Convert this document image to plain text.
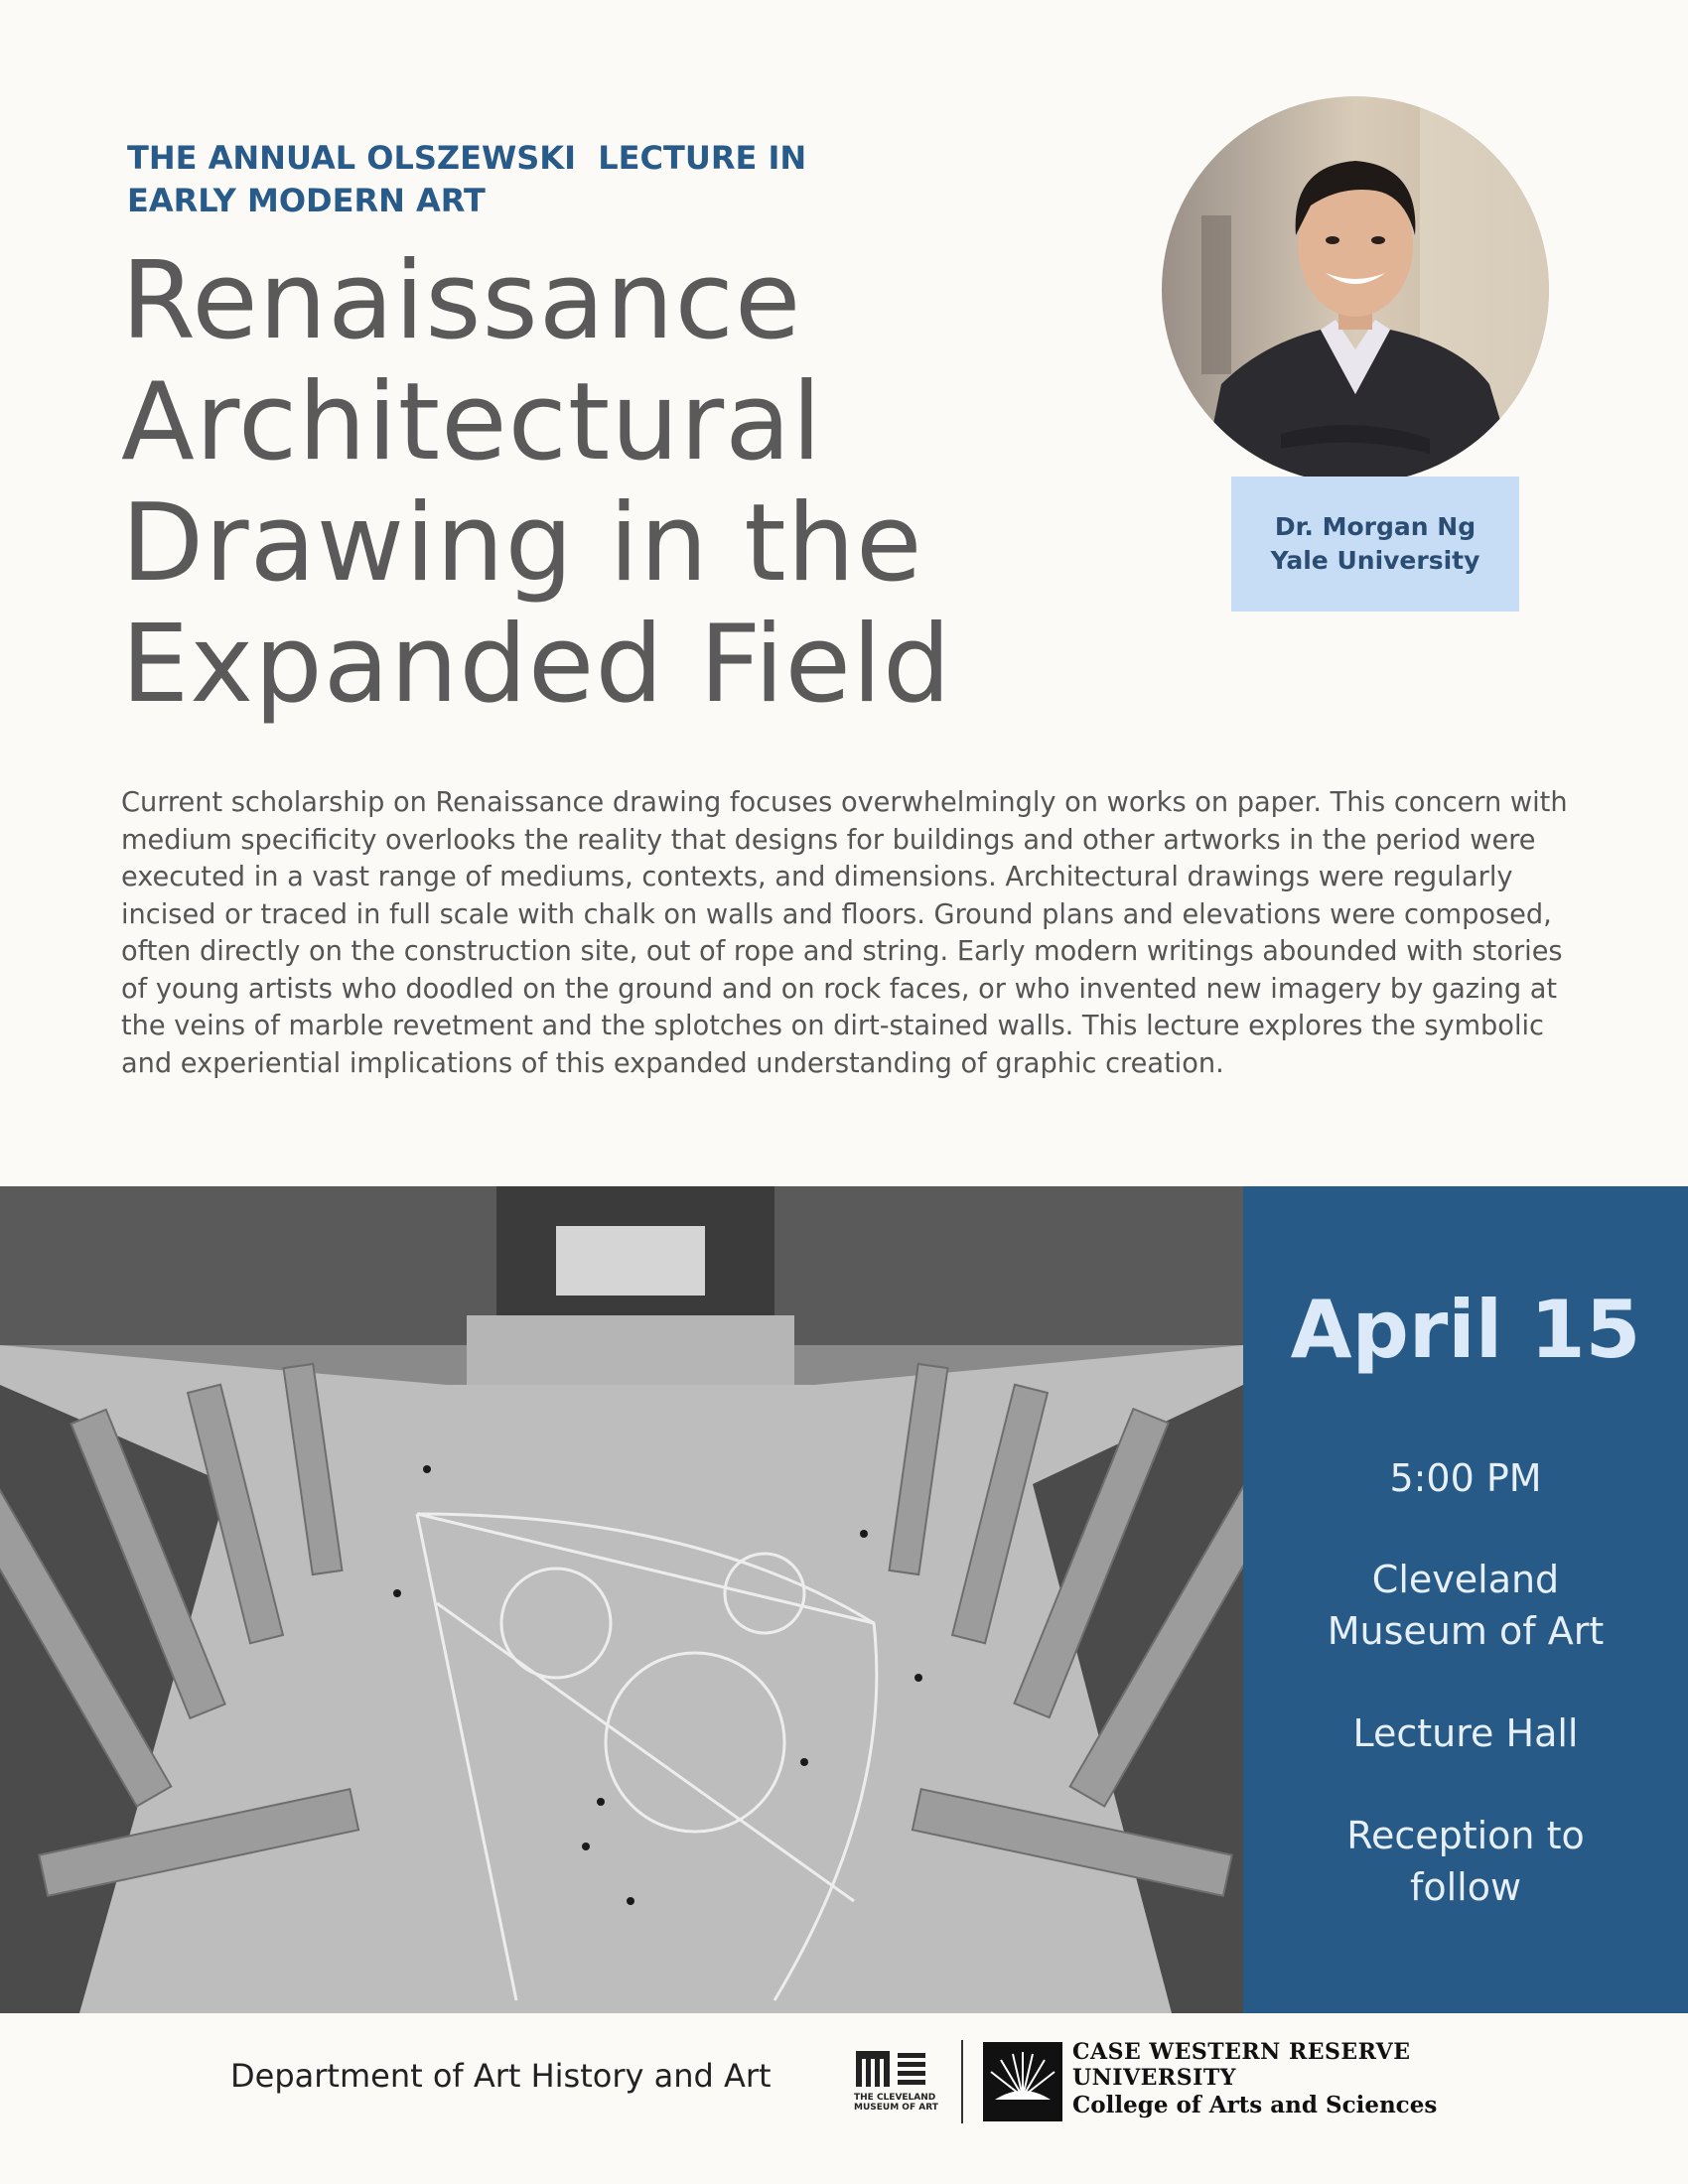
THE ANNUAL OLSZEWSKI  LECTURE IN
EARLY MODERN ART
Renaissance
Architectural
Drawing in the
Expanded Field
Dr. Morgan Ng
Yale University

Current scholarship on Renaissance drawing focuses overwhelmingly on works on paper. This concern with medium specificity overlooks the reality that designs for buildings and other artworks in the period were executed in a vast range of mediums, contexts, and dimensions. Architectural drawings were regularly incised or traced in full scale with chalk on walls and floors. Ground plans and elevations were composed, often directly on the construction site, out of rope and string. Early modern writings abounded with stories of young artists who doodled on the ground and on rock faces, or who invented new imagery by gazing at the veins of marble revetment and the splotches on dirt-stained walls. This lecture explores the symbolic and experiential implications of this expanded understanding of graphic creation.

April 15
5:00 PM
Cleveland
Museum of Art
Lecture Hall
Reception to
follow
Department of Art History and Art
THE CLEVELAND MUSEUM OF ART
CASE WESTERN RESERVE
UNIVERSITY
College of Arts and Sciences
